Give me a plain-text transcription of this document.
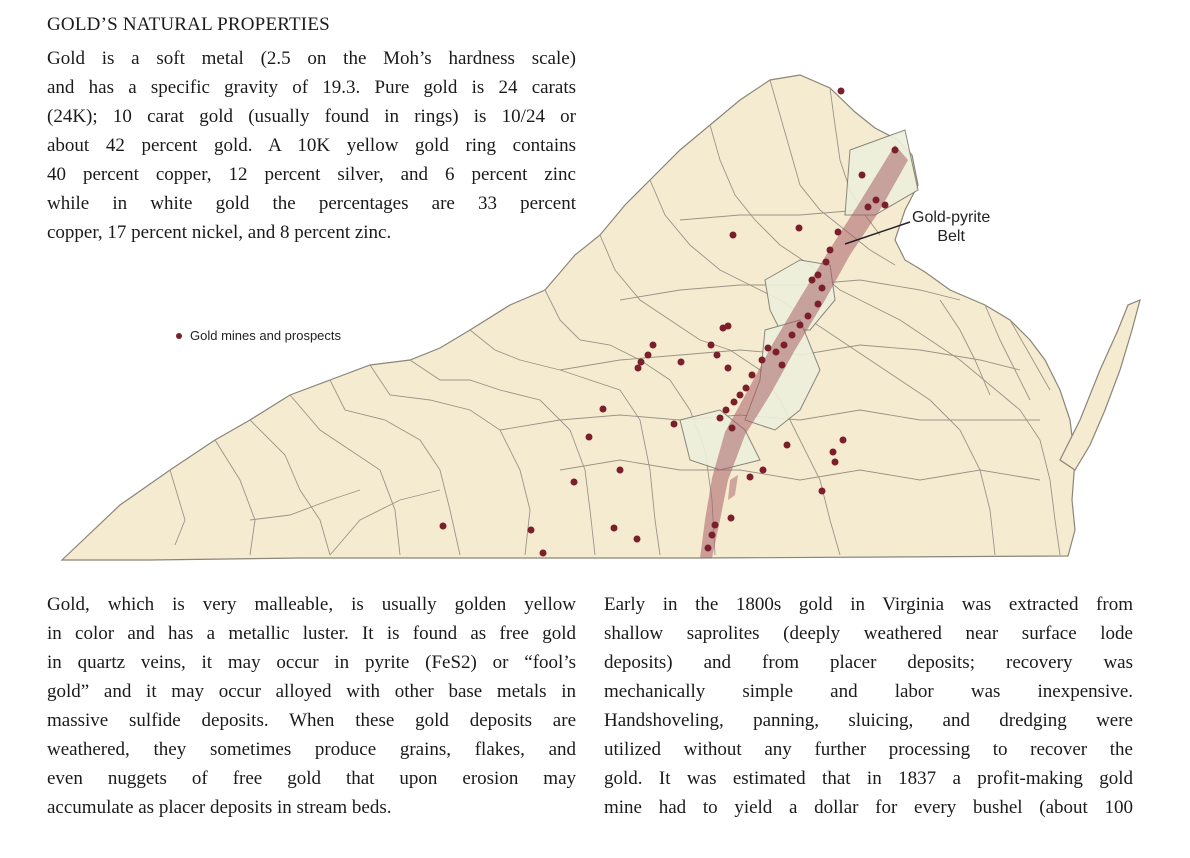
GOLD’S NATURAL PROPERTIES
Gold is a soft metal (2.5 on the Moh’s hardness scale)
and has a specific gravity of 19.3. Pure gold is 24 carats
(24K); 10 carat gold (usually found in rings) is 10/24 or
about 42 percent gold. A 10K yellow gold ring contains
40 percent copper, 12 percent silver, and 6 percent zinc
while in white gold the percentages are 33 percent
copper, 17 percent nickel, and 8 percent zinc.
Gold mines and prospects
Gold-pyrite
Belt
Gold, which is very malleable, is usually golden yellow
in color and has a metallic luster. It is found as free gold
in quartz veins, it may occur in pyrite (FeS2) or “fool’s
gold” and it may occur alloyed with other base metals in
massive sulfide deposits. When these gold deposits are
weathered, they sometimes produce grains, flakes, and
even nuggets of free gold that upon erosion may
accumulate as placer deposits in stream beds.
Early in the 1800s gold in Virginia was extracted from
shallow saprolites (deeply weathered near surface lode
deposits) and from placer deposits; recovery was
mechanically simple and labor was inexpensive.
Handshoveling, panning, sluicing, and dredging were
utilized without any further processing to recover the
gold. It was estimated that in 1837 a profit-making gold
mine had to yield a dollar for every bushel (about 100
